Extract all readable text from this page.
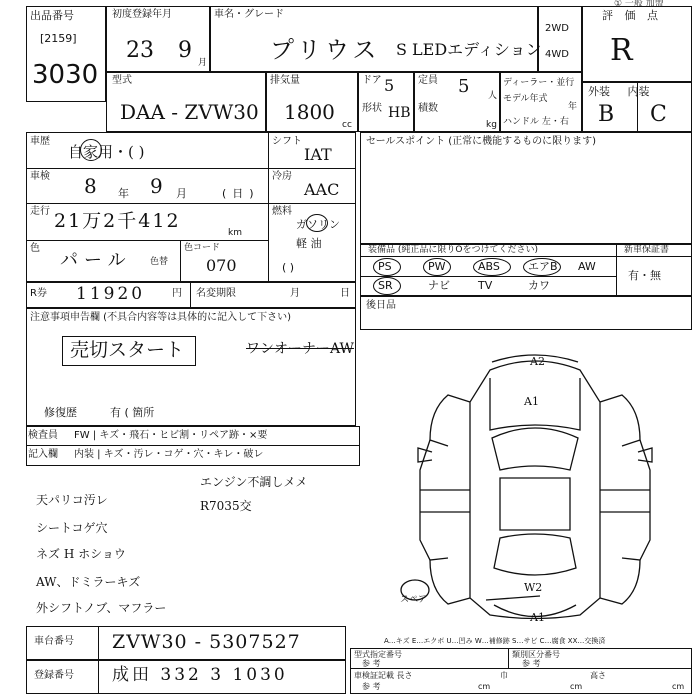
出品番号
[2159]
3030
初度登録年月
23 9 月
車名・グレード
プリウス S LEDエディション
2WD
4WD
① 一般 加盟
評 価 点
R
型式
DAA - ZVW30
排気量
1800
cc
ドア 5
形状 HB
定員 5 人
積数
kg
ディーラー・並行
モデル年式
年
ハンドル 左・右
外装 内装
B C
車歴
自家用・( )
シフト
IAT
車検 8 年 9 月	(日)
冷房
AAC
走行 21万2千412
km
燃料
ガソリン
軽 油
( )
色
パール 色替
色コード
070
R券 11920	円 名変期限	月	日
注意事項申告欄 (不具合内容等は具体的に記入して下さい)
売切スタート	ワンオーナーAW
修復歴	有 ( 箇所
セールスポイント (正常に機能するものに限ります)
装備品 (純正品に限りOをつけてください)	新車保証書
有・無
PS	PW	ABS	エアB AW
SR	ナビ	TV	カワ
後日品
検査員
記入欄
FW | キズ・飛石・ヒビ割・リペア跡・×要
内装 | キズ・汚レ・コゲ・穴・キレ・破レ
エンジン不調しメメ
R7035交
天パリコ汚レ
シートコゲ穴
ネズ H ホショウ
AW、ドミラーキズ
外シフトノブ、マフラー
A2
A1
W2
A1
スペア
A…キズ E…エクボ U…凹み W…補修跡 S…サビ C…腐食 XX…交換済
車台番号 ZVW30 - 5307527
登録番号 成田 332 3 1030
型式指定番号
参 考
類別区分番号
参 考
車検証記載 長さ
参 考	cm
巾
cm
高さ
cm
